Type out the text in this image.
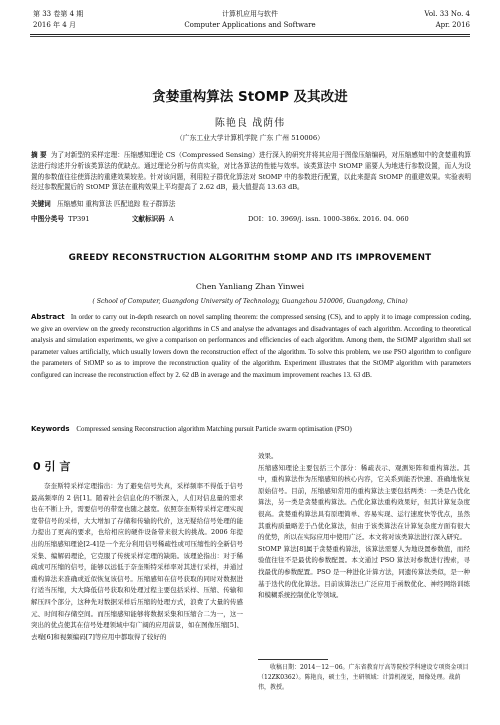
第 33 卷第 4 期
2016 年 4 月
计算机应用与软件
Computer Applications and Software
Vol. 33 No. 4
Apr. 2016
贪婪重构算法 StOMP 及其改进
陈艳良 战荫伟
（广东工业大学计算机学院 广东 广州 510006）
摘 要 为了对新型的采样定理：压缩感知理论 CS（Compressed Sensing）进行深入的研究并将其应用于图像压缩编码，对压缩感知中的贪婪重构算法进行综述并分析该类算法的优缺点。通过理论分析与仿真实验，对比各算法的性能与效率。该类算法中 StOMP 需要人为地进行参数设置，而人为设置的参数值往往使算法的重建效果较差。针对该问题，利用粒子群优化算法对 StOMP 中的参数进行配置，以此来提高 StOMP 的重建效果。实验表明经过参数配置后的 StOMP 算法在重构效果上平均提高了 2.62 dB，最大值提高 13.63 dB。
关键词 压缩感知 重构算法 匹配追踪 粒子群算法
中图分类号 TP391	文献标识码 A	DOI：10. 3969/j. issn. 1000-386x. 2016. 04. 060
GREEDY RECONSTRUCTION ALGORITHM StOMP AND ITS IMPROVEMENT
Chen Yanliang Zhan Yinwei
( School of Computer, Guangdong University of Technology, Guangzhou 510006, Guangdong, China)
Abstract In order to carry out in-depth research on novel sampling theorem: the compressed sensing (CS), and to apply it to image compression coding, we give an overview on the greedy reconstruction algorithms in CS and analyse the advantages and disadvantages of each algorithm. According to theoretical analysis and simulation experiments, we give a comparison on performances and efficiencies of each algorithm. Among them, the StOMP algorithm shall set parameter values artificially, which usually lowers down the reconstruction effect of the algorithm. To solve this problem, we use PSO algorithm to configure the parameters of StOMP so as to improve the reconstruction quality of the algorithm. Experiment illustrates that the StOMP algorithm with parameters configured can increase the reconstruction effect by 2. 62 dB in average and the maximum improvement reaches 13. 63 dB.
Keywords Compressed sensing Reconstruction algorithm Matching pursuit Particle swarm optimisation (PSO)
0 引 言
奈奎斯特采样定理指出：为了避免信号失真，采样频率不得低于信号最高频率的 2 倍[1]。随着社会信息化的不断深入，人们对信息量的需求也在不断上升，需要信号的带宽也随之越宽。依照奈奎斯特采样定理实现宽带信号的采样，大大增加了存储和传输的代价，这无疑给信号处理的能力提出了更高的要求，也给相应的硬件设备带来很大的挑战。2006 年提出的压缩感知理论[2-4]是一个充分利用信号稀疏性或可压缩性的全新信号采集、编解码理论，它克服了传统采样定理的缺陷。该理论指出：对于稀疏或可压缩的信号，能够以远低于奈奎斯特采样率对其进行采样，并通过重构算法来准确或近似恢复该信号。压缩感知在信号获取的同时对数据进行适当压缩，大大降低信号获取和处理过程主要包括采样、压缩、传输和解压四个部分，这种先对数据采样后压缩的处理方式，浪费了大量的传感元、时间和存储空间。而压缩感知能够将数据采集和压缩合二为一，这一突出的优点使其在信号处理领域中有广阔的应用前景，如在图像压缩[5]、去噪[6]和视频编码[7]等应用中都取得了较好的
效果。
压缩感知理论主要包括三个部分：稀疏表示、观测矩阵和重构算法。其中，重构算法作为压缩感知的核心内容，它关系到能否快速、准确地恢复原始信号。目前，压缩感知常用的重构算法主要包括两类：一类是凸优化算法，另一类是贪婪重构算法。凸优化算法重构效果好，但其计算复杂度很高。贪婪重构算法具有原理简单、容易实现、运行速度快等优点，虽然其重构质量略差于凸优化算法，但由于该类算法在计算复杂度方面有很大的优势，所以在实际应用中使用广泛。本文将对该类算法进行深入研究。
StOMP 算法[8]属于贪婪重构算法，该算法需要人为地设置参数值，而经验值往往不是最优的参数配置。本文通过 PSO 算法对参数进行搜索，寻找最优的参数配置。PSO 是一种进化计算方法，同遗传算法类似，是一种基于迭代的优化算法。目前该算法已广泛应用于函数优化、神经网络训练和模糊系统控制优化等领域。
收稿日期：2014－12－06。广东省教育厅高等院校学科建设专项资金项目（12ZK0362）。陈艳良，硕士生，主研领域：计算机视觉，图像处理。战荫伟，教授。
